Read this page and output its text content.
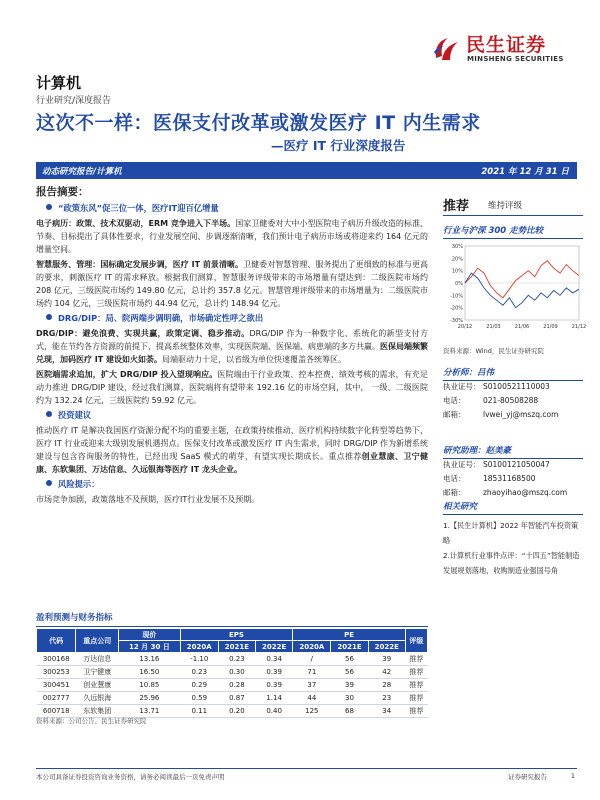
民生证券
MINSHENG SECURITIES
计算机
行业研究/深度报告
这次不一样：医保支付改革或激发医疗 IT 内生需求
—医疗 IT 行业深度报告
动态研究报告/计算机	2021 年 12 月 31 日
报告摘要：
“政策东风”促三位一体，医疗IT迎百亿增量
电子病历：政策、技术双驱动，ERM 竞争进入下半场。国家卫健委对大中小型医院电子病历升级改造的标准、节奏、目标提出了具体性要求，行业发展空间、步调逐渐清晰，我们预计电子病历市场或将迎来约 164 亿元的增量空间。
智慧服务、管理：国标确定发展步调，医疗 IT 前景清晰。卫健委对智慧管理、服务提出了更细致的标准与更高的要求，刺激医疗 IT 的需求释放。根据我们测算，智慧服务评级带来的市场增量有望达到：二级医院市场约 208 亿元，三级医院市场约 149.80 亿元，总计约 357.8 亿元。智慧管理评级带来的市场增量为：二级医院市场约 104 亿元，三级医院市场约 44.94 亿元，总计约 148.94 亿元。
DRG/DIP：局、院两端步调明确，市场确定性呼之欲出
DRG/DIP：避免浪费、实现共赢，政策定调、稳步推动。DRG/DIP 作为一种数字化、系统化的新型支付方式，能在节约各方资源的前提下，提高系统整体效率，实现医院端、医保端、病患端的多方共赢。医保局端频繁兑现，加码医疗 IT 建设如火如荼。局端驱动力十足，以省级为单位快速覆盖各统筹区。
医院端需求追加，扩大 DRG/DIP 投入望现响应。医院端由于行业政策、控本控费、绩效考核的需求，有充足动力推进 DRG/DIP 建设，经过我们测算，医院端将有望带来 192.16 亿的市场空间，其中， 一级、二级医院约为 132.24 亿元，三级医院约 59.92 亿元。
投资建议
推动医疗 IT 是解决我国医疗资源分配不均的重要主题，在政策持续推动、医疗机构持续数字化转型等趋势下，医疗 IT 行业或迎来大级别发展机遇拐点。医保支付改革或激发医疗 IT 内生需求，同时 DRG/DIP 作为新增系统建设与包含咨询服务的特性，已经出现 SaaS 模式的萌芽，有望实现长期成长。重点推荐创业慧康、卫宁健康、东软集团、万达信息、久远银海等医疗 IT 龙头企业。
风险提示：
市场竞争加剧，政策落地不及预期，医疗IT行业发展不及预期。
盈利预测与财务指标
代码	重点公司	现价	EPS			PE			评级
		12 月 30 日	2020A	2021E	2022E	2020A	2021E	2022E	
300168	万达信息	13.16	-1.10	0.23	0.34	/	56	39	推荐
300253	卫宁健康	16.50	0.23	0.30	0.39	71	56	42	推荐
300451	创业慧康	10.85	0.29	0.28	0.39	37	39	28	推荐
002777	久远银海	25.96	0.59	0.87	1.14	44	30	23	推荐
600718	东软集团	13.71	0.11	0.20	0.40	125	68	34	推荐
资料来源：公司公告、民生证券研究院
推荐 维持评级
行业与沪深 300 走势比较
30%
20%
10%
0%
-10%
-20%
-30%
20/12	21/03	21/06	21/09	21/12
资料来源：Wind，民生证券研究院
分析师：吕伟
执业证号： S0100521110003
电话： 021-80508288
邮箱： lvwei_yj@mszq.com
研究助理：赵美豪
执业证号： S0100121050047
电话： 18531168500
邮箱： zhaoyihao@mszq.com
相关研究
1.【民生计算机】2022 年智能汽车投资策略
2.计算机行业事件点评：“十四五”智能制造发展规划落地，收购制造业强国号角
本公司具备证券投资咨询业务资格，请务必阅读最后一页免责声明	证券研究报告	1
